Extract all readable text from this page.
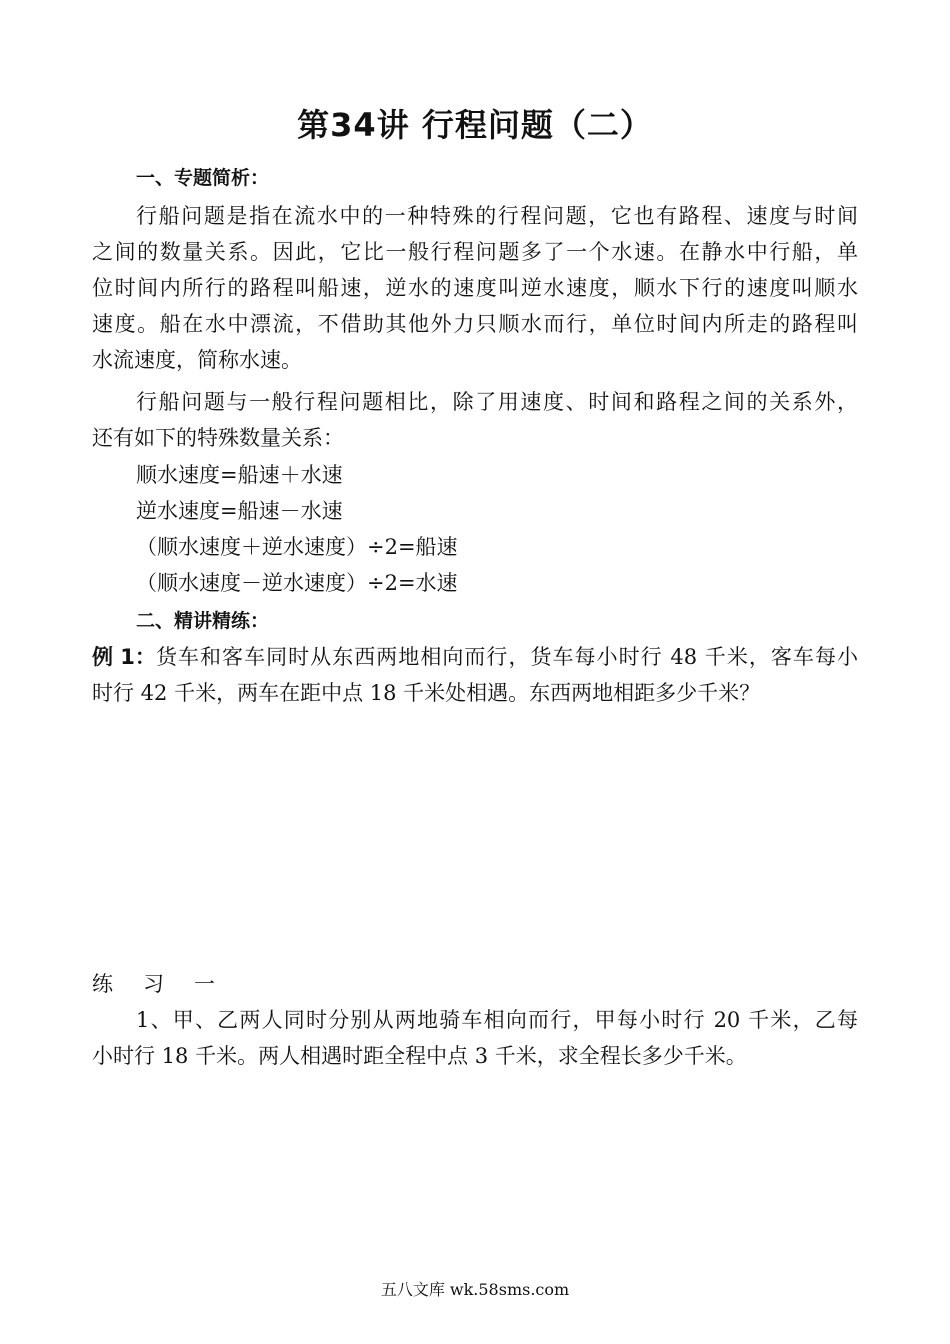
第34讲 行程问题（二）
一、专题简析：
行船问题是指在流水中的一种特殊的行程问题，它也有路程、速度与时间
之间的数量关系。因此，它比一般行程问题多了一个水速。在静水中行船，单
位时间内所行的路程叫船速，逆水的速度叫逆水速度，顺水下行的速度叫顺水
速度。船在水中漂流，不借助其他外力只顺水而行，单位时间内所走的路程叫
水流速度，简称水速。
行船问题与一般行程问题相比，除了用速度、时间和路程之间的关系外，
还有如下的特殊数量关系：
顺水速度=船速＋水速
逆水速度=船速－水速
（顺水速度＋逆水速度）÷2=船速
（顺水速度－逆水速度）÷2=水速
二、精讲精练：
例 1： 货车和客车同时从东西两地相向而行，货车每小时行 48 千米，客车每小
时行 42 千米，两车在距中点 18 千米处相遇。东西两地相距多少千米？
练 习 一
1、甲、乙两人同时分别从两地骑车相向而行，甲每小时行 20 千米，乙每
小时行 18 千米。两人相遇时距全程中点 3 千米，求全程长多少千米。
五八文库 wk.58sms.com
